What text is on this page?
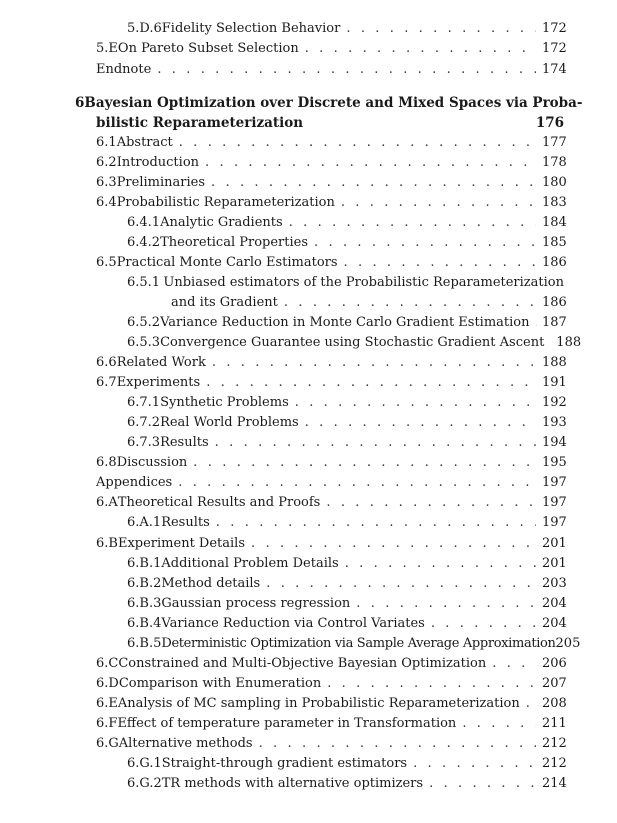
5.D.6 Fidelity Selection Behavior . . .	172
5.E On Pareto Subset Selection . . .	172
Endnote . . .	174
6 Bayesian Optimization over Discrete and Mixed Spaces via Proba-
bilistic Reparameterization	176
6.1 Abstract . . .	177
6.2 Introduction . . .	178
6.3 Preliminaries . . .	180
6.4 Probabilistic Reparameterization . . .	183
6.4.1 Analytic Gradients . . .	184
6.4.2 Theoretical Properties . . .	185
6.5 Practical Monte Carlo Estimators . . .	186
6.5.1 Unbiased estimators of the Probabilistic Reparameterization
and its Gradient . . .	186
6.5.2 Variance Reduction in Monte Carlo Gradient Estimation . . . 187
6.5.3 Convergence Guarantee using Stochastic Gradient Ascent 188
6.6 Related Work . . .	188
6.7 Experiments . . .	191
6.7.1 Synthetic Problems . . .	192
6.7.2 Real World Problems . . .	193
6.7.3 Results . . .	194
6.8 Discussion . . .	195
Appendices . . .	197
6.A Theoretical Results and Proofs . . .	197
6.A.1 Results . . .	197
6.B Experiment Details . . .	201
6.B.1 Additional Problem Details . . .	201
6.B.2 Method details . . .	203
6.B.3 Gaussian process regression . . .	204
6.B.4 Variance Reduction via Control Variates . . .	204
6.B.5 Deterministic Optimization via Sample Average Approximation 205
6.C Constrained and Multi-Objective Bayesian Optimization . . .	206
6.D Comparison with Enumeration . . .	207
6.E Analysis of MC sampling in Probabilistic Reparameterization . . . 208
6.F Effect of temperature parameter in Transformation . . .	211
6.G Alternative methods . . .	212
6.G.1 Straight-through gradient estimators . . .	212
6.G.2 TR methods with alternative optimizers . . .	214
